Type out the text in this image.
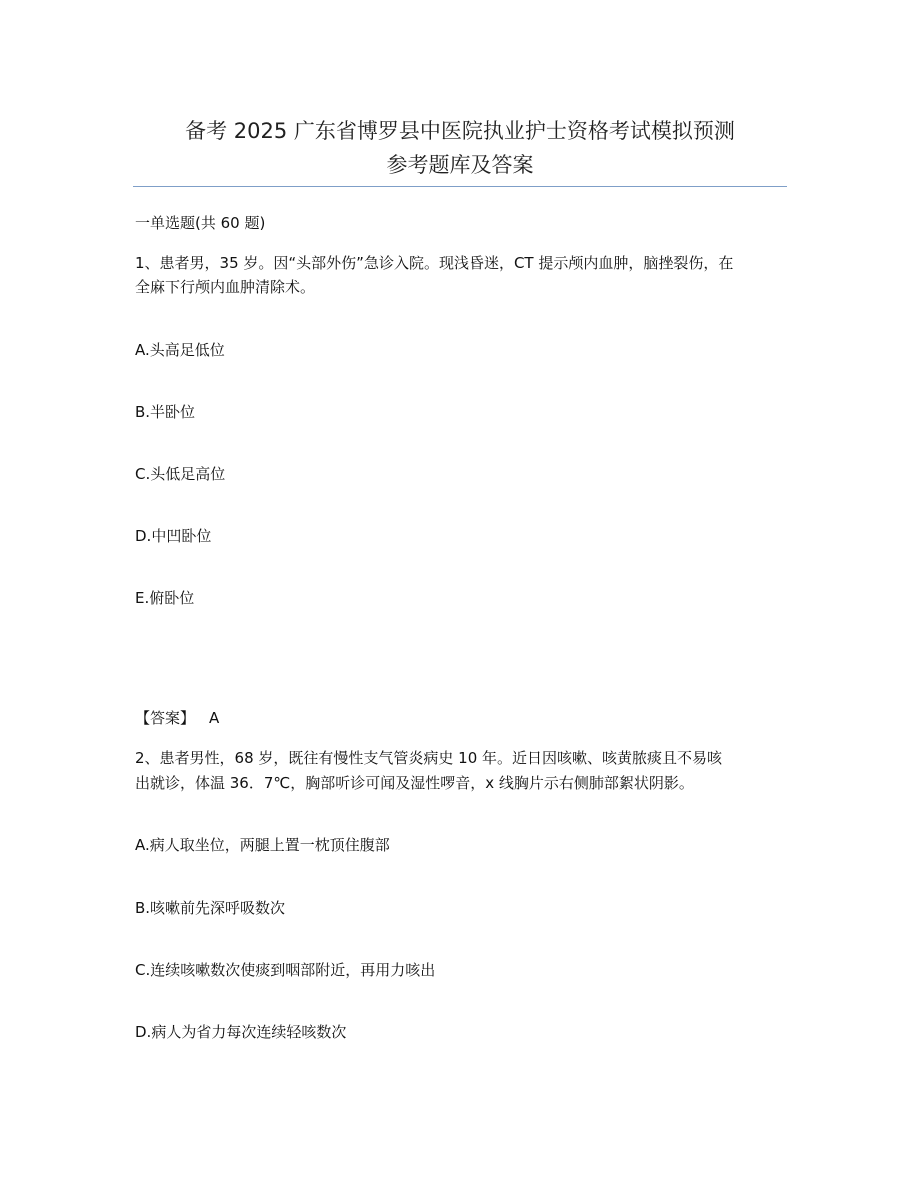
备考 2025 广东省博罗县中医院执业护士资格考试模拟预测
参考题库及答案
一单选题(共 60 题)
1、患者男，35 岁。因“头部外伤”急诊入院。现浅昏迷，CT 提示颅内血肿，脑挫裂伤，在
全麻下行颅内血肿清除术。
A.头高足低位
B.半卧位
C.头低足高位
D.中凹卧位
E.俯卧位
【答案】 A
2、患者男性，68 岁，既往有慢性支气管炎病史 10 年。近日因咳嗽、咳黄脓痰且不易咳
出就诊，体温 36．7℃，胸部听诊可闻及湿性啰音，x 线胸片示右侧肺部絮状阴影。
A.病人取坐位，两腿上置一枕顶住腹部
B.咳嗽前先深呼吸数次
C.连续咳嗽数次使痰到咽部附近，再用力咳出
D.病人为省力每次连续轻咳数次
